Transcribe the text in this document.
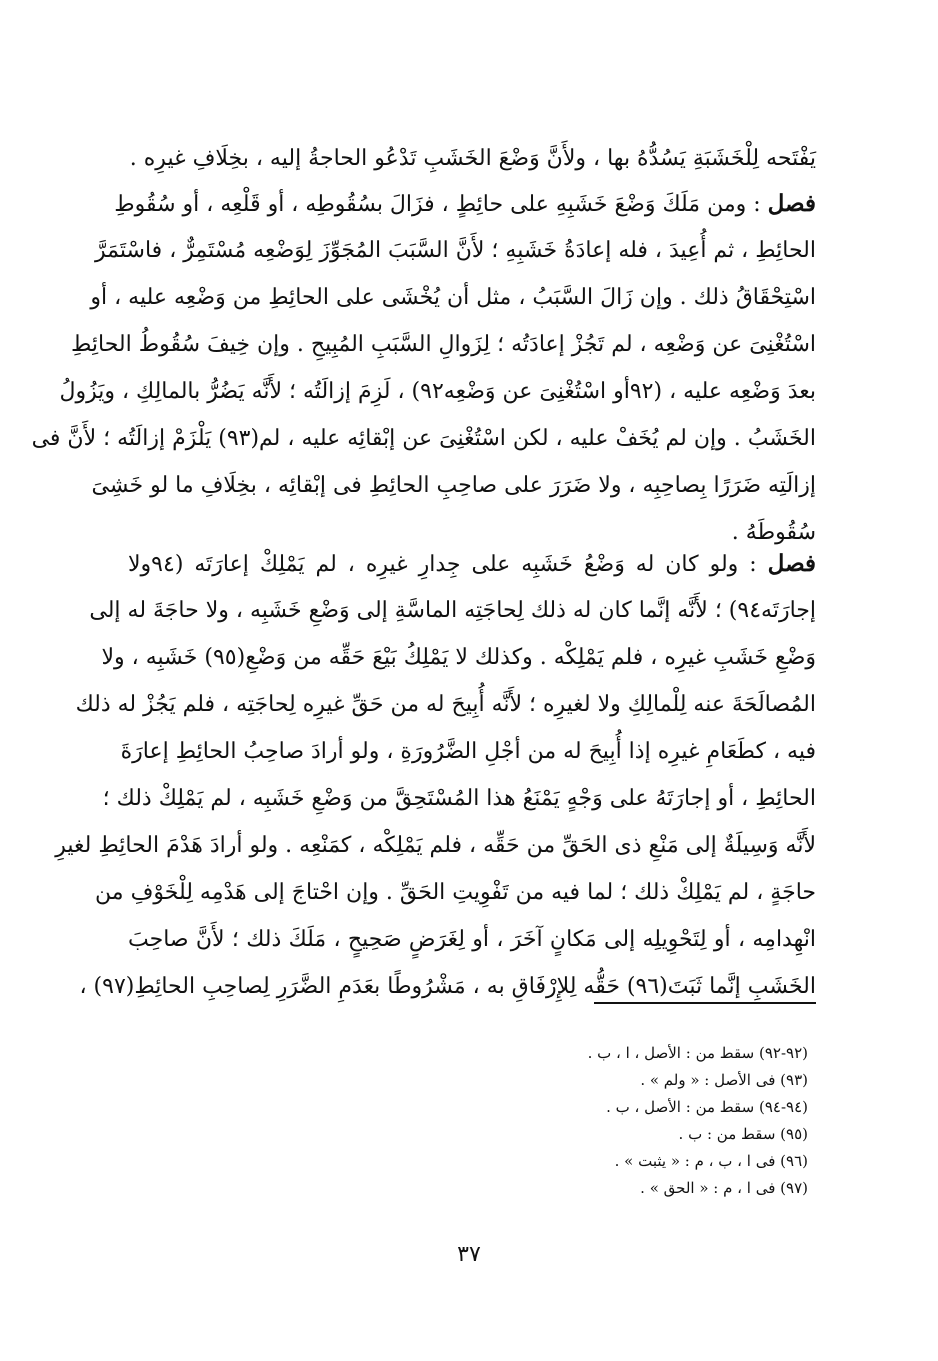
يَفْتَحه لِلْخَشَبَةِ يَسُدُّهُ بها ، ولأَنَّ وَضْعَ الخَشَبِ تَدْعُو الحاجةُ إليه ، بخِلَافِ غيرِه .
فصل : ومن مَلَكَ وَضْعَ خَشَبِهِ على حائِطٍ ، فزَالَ بسُقُوطِه ، أو قَلْعِه ، أو سُقُوطِ
الحائِطِ ، ثم أُعِيدَ ، فله إعادَةُ خَشَبِهِ ؛ لأَنَّ السَّبَبَ المُجَوِّزَ لِوَضْعِه مُسْتَمِرٌّ ، فاسْتَمَرَّ
اسْتِحْقَاقُ ذلك . وإن زَالَ السَّبَبُ ، مثل أن يُخْشَى على الحائِطِ من وَضْعِه عليه ، أو
اسْتُغْنِىَ عن وَضْعِه ، لم تَجُزْ إعادَتُه ؛ لِزَوالِ السَّبَبِ المُبِيحِ . وإن خِيفَ سُقُوطُ الحائِطِ
بعدَ وَضْعِه عليه ، (٩٢أو اسْتُغْنِىَ عن وَضْعِه٩٢) ، لَزِمَ إزالَتُه ؛ لأَنَّه يَضُرُّ بالمالِكِ ، ويَزُولُ
الخَشَبُ . وإن لم يُخَفْ عليه ، لكن اسْتُغْنِىَ عن إبْقائِه عليه ، لم(٩٣) يَلْزَمْ إزالَتُه ؛ لأَنَّ فى
إزالَتِه ضَرَرًا بِصاحِبِه ، ولا ضَرَرَ على صاحِبِ الحائِطِ فى إبْقائِه ، بخِلَافِ ما لو خَشِىَ
سُقُوطَهُ .
فصل : ولو كان له وَضْعُ خَشَبِه على جِدارِ غيرِه ، لم يَمْلِكْ إعارَتَه (٩٤ولا
إجارَتَه٩٤) ؛ لأَنَّه إنَّما كان له ذلك لِحاجَتِه الماسَّةِ إلى وَضْعِ خَشَبِه ، ولا حاجَةَ له إلى
وَضْعِ خَشَبِ غيرِه ، فلم يَمْلِكْه . وكذلك لا يَمْلِكُ بَيْعَ حَقِّه من وَضْعِ(٩٥) خَشَبِه ، ولا
المُصالَحَةَ عنه لِلْمالِكِ ولا لغيرِه ؛ لأَنَّه أُبِيحَ له من حَقِّ غيرِه لِحاجَتِه ، فلم يَجُزْ له ذلك
فيه ، كطَعَامِ غيرِه إذا أُبِيحَ له من أجْلِ الضَّرُورَةِ ، ولو أرادَ صاحِبُ الحائِطِ إعارَةَ
الحائِطِ ، أو إجارَتَهُ على وَجْهٍ يَمْنَعُ هذا المُسْتَحِقَّ من وَضْعِ خَشَبِه ، لم يَمْلِكْ ذلك ؛
لأَنَّه وَسِيلَةٌ إلى مَنْعِ ذى الحَقِّ من حَقِّه ، فلم يَمْلِكْه ، كمَنْعِه . ولو أرادَ هَدْمَ الحائِطِ لغيرِ
حاجَةٍ ، لم يَمْلِكْ ذلك ؛ لما فيه من تَفْوِيتِ الحَقِّ . وإن احْتاجَ إلى هَدْمِه لِلْخَوْفِ من
انْهِدامِه ، أو لِتَحْوِيلِه إلى مَكانٍ آخَرَ ، أو لِغَرَضٍ صَحِيحٍ ، مَلَكَ ذلك ؛ لأَنَّ صاحِبَ
الخَشَبِ إنَّما ثَبَتَ(٩٦) حَقُّه لِلإِرْفَاقِ به ، مَشْرُوطًا بعَدَمِ الضَّرَرِ لِصاحِبِ الحائِطِ(٩٧) ،
(٩٢-٩٢) سقط من : الأصل ، ا ، ب .
(٩٣) فى الأصل : « ولم » .
(٩٤-٩٤) سقط من : الأصل ، ب .
(٩٥) سقط من : ب .
(٩٦) فى ا ، ب ، م : « يثبت » .
(٩٧) فى ا ، م : « الحق » .
٣٧
